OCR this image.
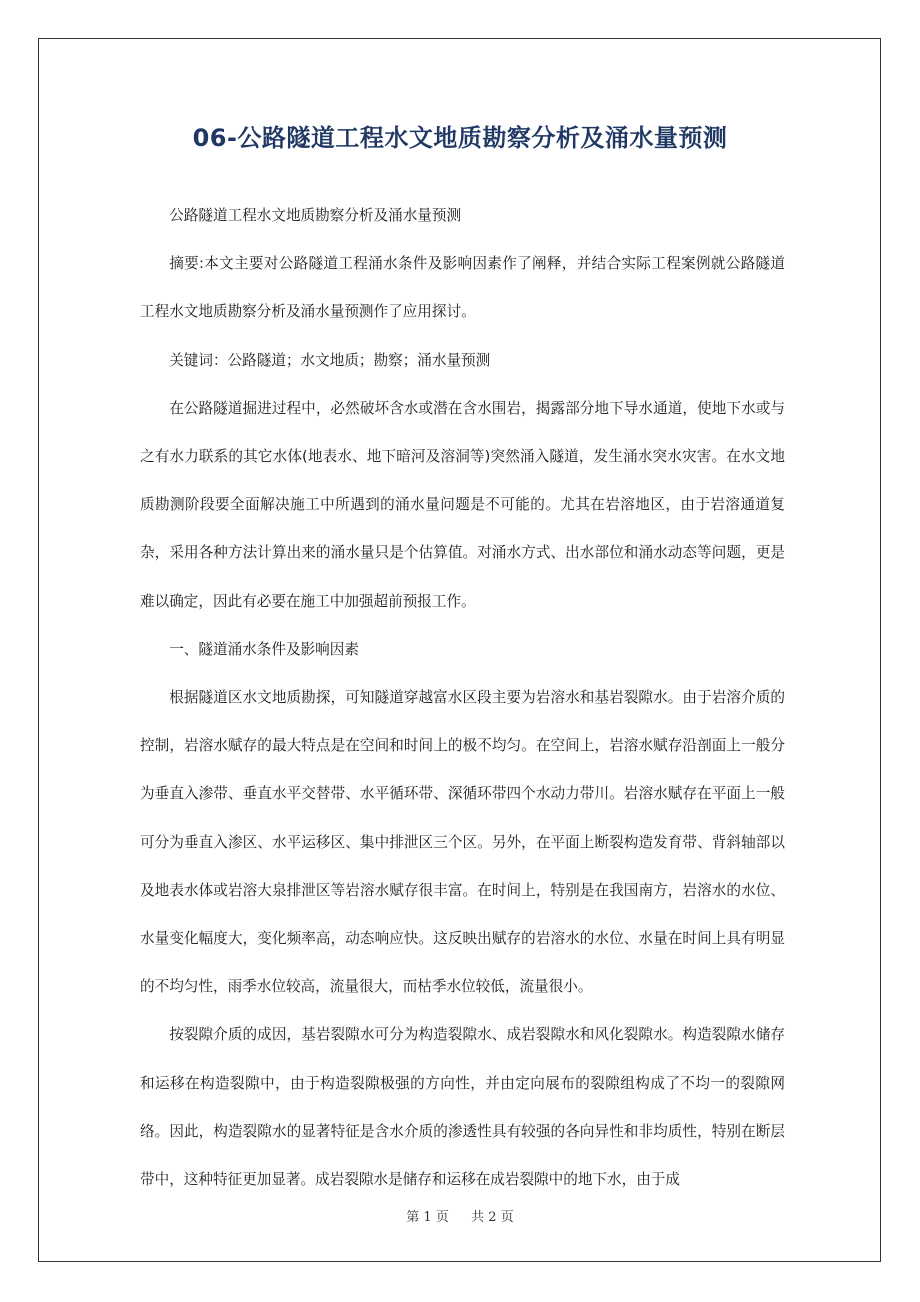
06-公路隧道工程水文地质勘察分析及涌水量预测

公路隧道工程水文地质勘察分析及涌水量预测

摘要:本文主要对公路隧道工程涌水条件及影响因素作了阐释，并结合实际工程案例就公路隧道工程水文地质勘察分析及涌水量预测作了应用探讨。

关键词：公路隧道；水文地质；勘察；涌水量预测

在公路隧道掘进过程中，必然破坏含水或潜在含水围岩，揭露部分地下导水通道，使地下水或与之有水力联系的其它水体(地表水、地下暗河及溶洞等)突然涌入隧道，发生涌水突水灾害。在水文地质勘测阶段要全面解决施工中所遇到的涌水量问题是不可能的。尤其在岩溶地区，由于岩溶通道复杂，采用各种方法计算出来的涌水量只是个估算值。对涌水方式、出水部位和涌水动态等问题，更是难以确定，因此有必要在施工中加强超前预报工作。

一、隧道涌水条件及影响因素

根据隧道区水文地质勘探，可知隧道穿越富水区段主要为岩溶水和基岩裂隙水。由于岩溶介质的控制，岩溶水赋存的最大特点是在空间和时间上的极不均匀。在空间上，岩溶水赋存沿剖面上一般分为垂直入渗带、垂直水平交替带、水平循环带、深循环带四个水动力带川。岩溶水赋存在平面上一般可分为垂直入渗区、水平运移区、集中排泄区三个区。另外，在平面上断裂构造发育带、背斜轴部以及地表水体或岩溶大泉排泄区等岩溶水赋存很丰富。在时间上，特别是在我国南方，岩溶水的水位、水量变化幅度大，变化频率高，动态响应快。这反映出赋存的岩溶水的水位、水量在时间上具有明显的不均匀性，雨季水位较高，流量很大，而枯季水位较低，流量很小。

按裂隙介质的成因，基岩裂隙水可分为构造裂隙水、成岩裂隙水和风化裂隙水。构造裂隙水储存和运移在构造裂隙中，由于构造裂隙极强的方向性，并由定向展布的裂隙组构成了不均一的裂隙网络。因此，构造裂隙水的显著特征是含水介质的渗透性具有较强的各向异性和非均质性，特别在断层带中，这种特征更加显著。成岩裂隙水是储存和运移在成岩裂隙中的地下水，由于成

第 1 页 共 2 页
